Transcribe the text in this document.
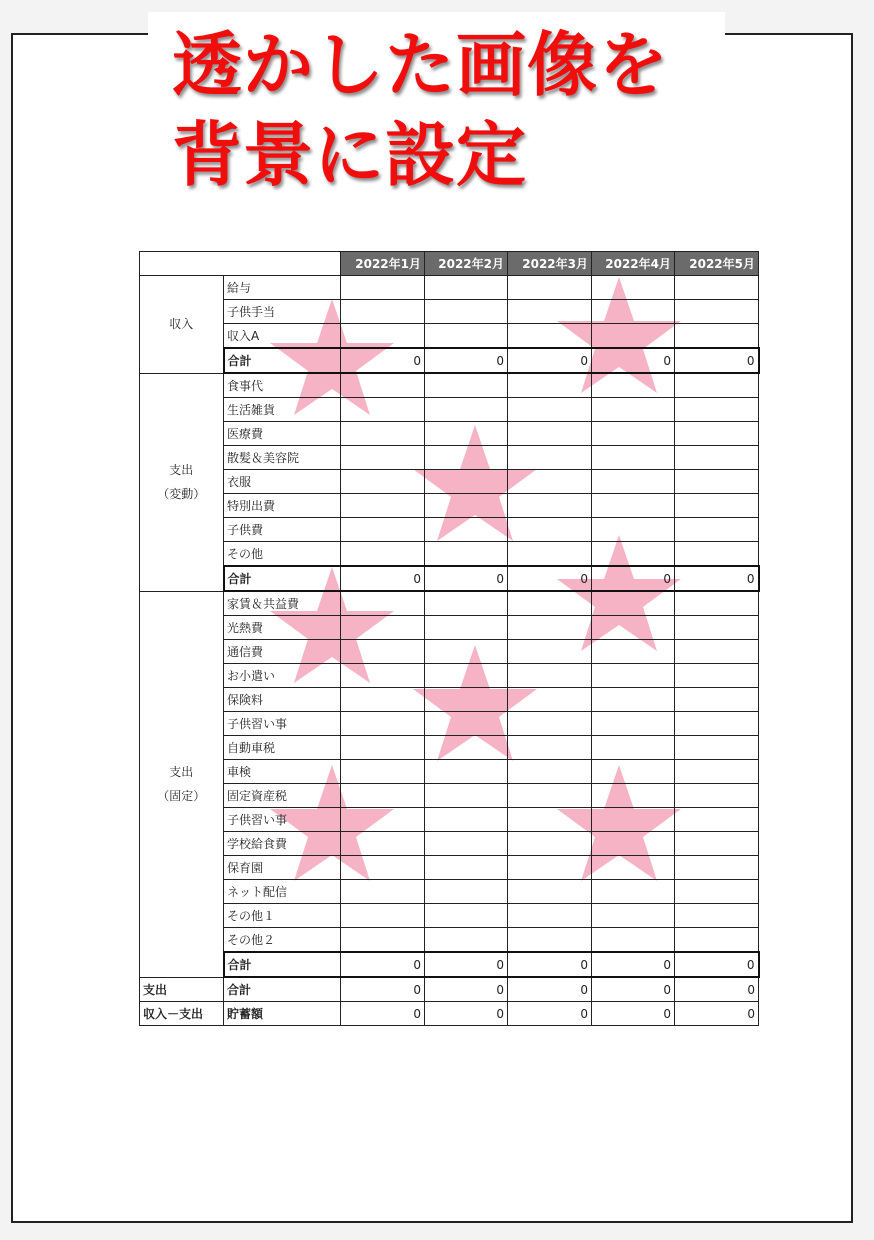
透かした画像を
背景に設定
		2022年1月	2022年2月	2022年3月	2022年4月	2022年5月
収入	給与					
	子供手当					
	収入A					
	合計	0	0	0	0	0
支出
（変動）	食事代					
	生活雑貨					
	医療費					
	散髪＆美容院					
	衣服					
	特別出費					
	子供費					
	その他					
	合計	0	0	0	0	0
支出
（固定）	家賃＆共益費					
	光熱費					
	通信費					
	お小遣い					
	保険料					
	子供習い事					
	自動車税					
	車検					
	固定資産税					
	子供習い事					
	学校給食費					
	保育園					
	ネット配信					
	その他１					
	その他２					
	合計	0	0	0	0	0
支出	合計	0	0	0	0	0
収入－支出	貯蓄額	0	0	0	0	0
